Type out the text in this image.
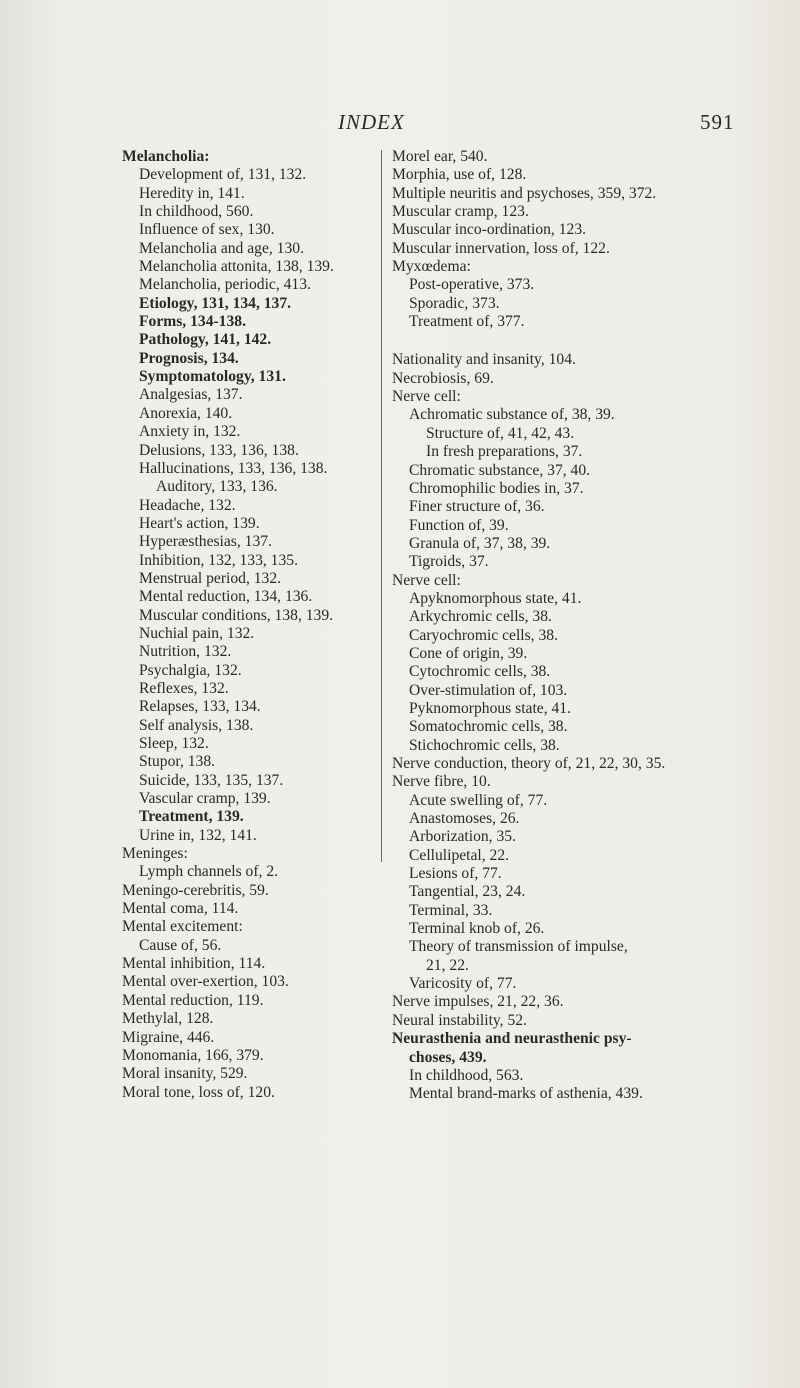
INDEX	591
Melancholia:
Development of, 131, 132.
Heredity in, 141.
In childhood, 560.
Influence of sex, 130.
Melancholia and age, 130.
Melancholia attonita, 138, 139.
Melancholia, periodic, 413.
Etiology, 131, 134, 137.
Forms, 134-138.
Pathology, 141, 142.
Prognosis, 134.
Symptomatology, 131.
Analgesias, 137.
Anorexia, 140.
Anxiety in, 132.
Delusions, 133, 136, 138.
Hallucinations, 133, 136, 138.
Auditory, 133, 136.
Headache, 132.
Heart's action, 139.
Hyperæsthesias, 137.
Inhibition, 132, 133, 135.
Menstrual period, 132.
Mental reduction, 134, 136.
Muscular conditions, 138, 139.
Nuchial pain, 132.
Nutrition, 132.
Psychalgia, 132.
Reflexes, 132.
Relapses, 133, 134.
Self analysis, 138.
Sleep, 132.
Stupor, 138.
Suicide, 133, 135, 137.
Vascular cramp, 139.
Treatment, 139.
Urine in, 132, 141.
Meninges:
Lymph channels of, 2.
Meningo-cerebritis, 59.
Mental coma, 114.
Mental excitement:
Cause of, 56.
Mental inhibition, 114.
Mental over-exertion, 103.
Mental reduction, 119.
Methylal, 128.
Migraine, 446.
Monomania, 166, 379.
Moral insanity, 529.
Moral tone, loss of, 120.
Morel ear, 540.
Morphia, use of, 128.
Multiple neuritis and psychoses, 359, 372.
Muscular cramp, 123.
Muscular inco-ordination, 123.
Muscular innervation, loss of, 122.
Myxœdema:
Post-operative, 373.
Sporadic, 373.
Treatment of, 377.
Nationality and insanity, 104.
Necrobiosis, 69.
Nerve cell:
Achromatic substance of, 38, 39.
Structure of, 41, 42, 43.
In fresh preparations, 37.
Chromatic substance, 37, 40.
Chromophilic bodies in, 37.
Finer structure of, 36.
Function of, 39.
Granula of, 37, 38, 39.
Tigroids, 37.
Nerve cell:
Apyknomorphous state, 41.
Arkychromic cells, 38.
Caryochromic cells, 38.
Cone of origin, 39.
Cytochromic cells, 38.
Over-stimulation of, 103.
Pyknomorphous state, 41.
Somatochromic cells, 38.
Stichochromic cells, 38.
Nerve conduction, theory of, 21, 22, 30, 35.
Nerve fibre, 10.
Acute swelling of, 77.
Anastomoses, 26.
Arborization, 35.
Cellulipetal, 22.
Lesions of, 77.
Tangential, 23, 24.
Terminal, 33.
Terminal knob of, 26.
Theory of transmission of impulse,
21, 22.
Varicosity of, 77.
Nerve impulses, 21, 22, 36.
Neural instability, 52.
Neurasthenia and neurasthenic psy-
choses, 439.
In childhood, 563.
Mental brand-marks of asthenia, 439.
